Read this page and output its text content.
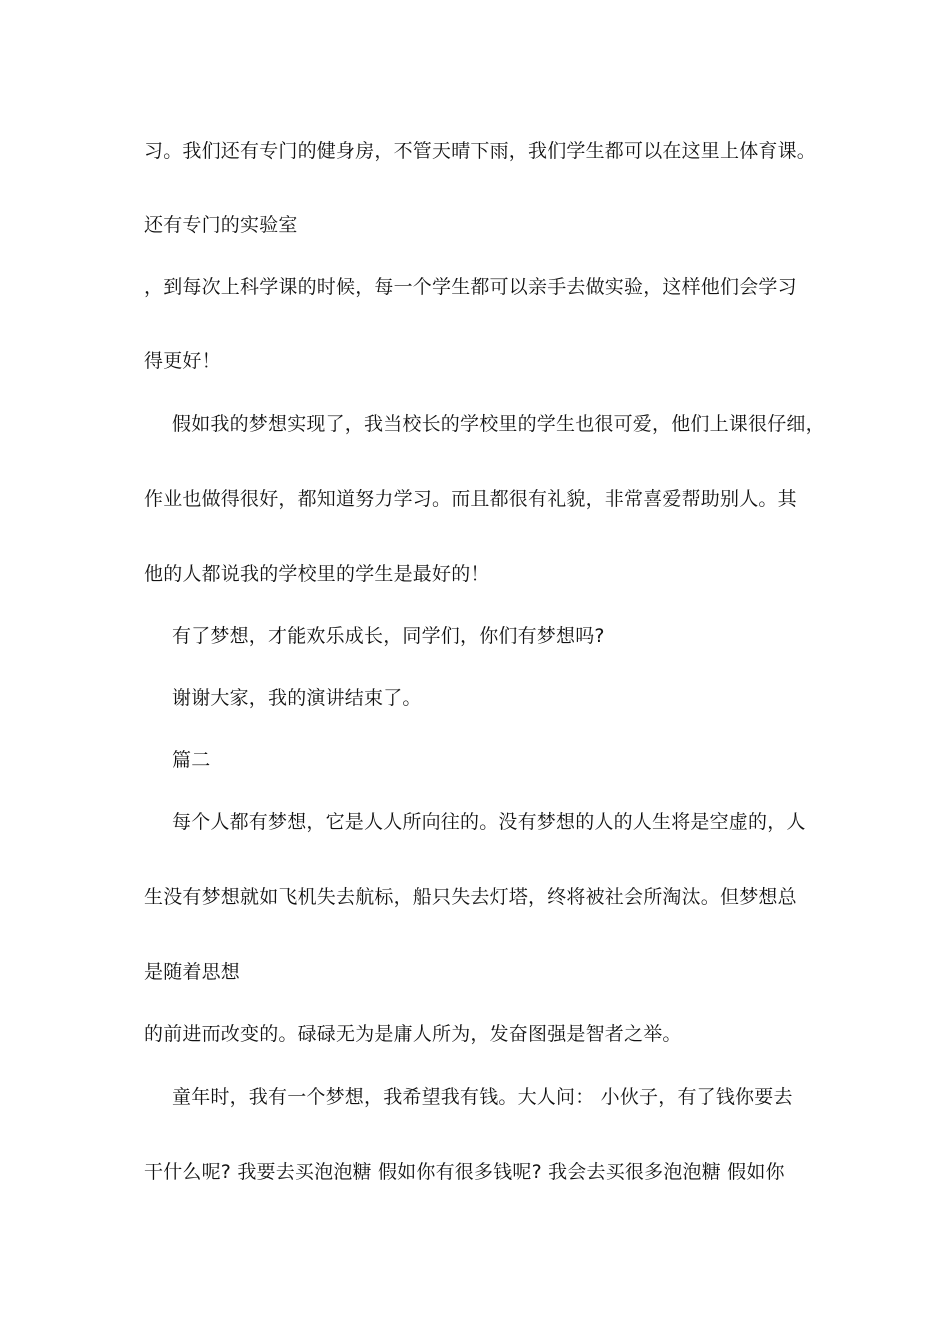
习。我们还有专门的健身房，不管天晴下雨，我们学生都可以在这里上体育课。
还有专门的实验室
，到每次上科学课的时候，每一个学生都可以亲手去做实验，这样他们会学习
得更好！
假如我的梦想实现了，我当校长的学校里的学生也很可爱，他们上课很仔细，
作业也做得很好，都知道努力学习。而且都很有礼貌，非常喜爱帮助别人。其
他的人都说我的学校里的学生是最好的！
有了梦想，才能欢乐成长，同学们，你们有梦想吗?
谢谢大家，我的演讲结束了。
篇二
每个人都有梦想，它是人人所向往的。没有梦想的人的人生将是空虚的，人
生没有梦想就如飞机失去航标，船只失去灯塔，终将被社会所淘汰。但梦想总
是随着思想
的前进而改变的。碌碌无为是庸人所为，发奋图强是智者之举。
童年时，我有一个梦想，我希望我有钱。大人问： 小伙子，有了钱你要去
干什么呢? 我要去买泡泡糖 假如你有很多钱呢? 我会去买很多泡泡糖 假如你
